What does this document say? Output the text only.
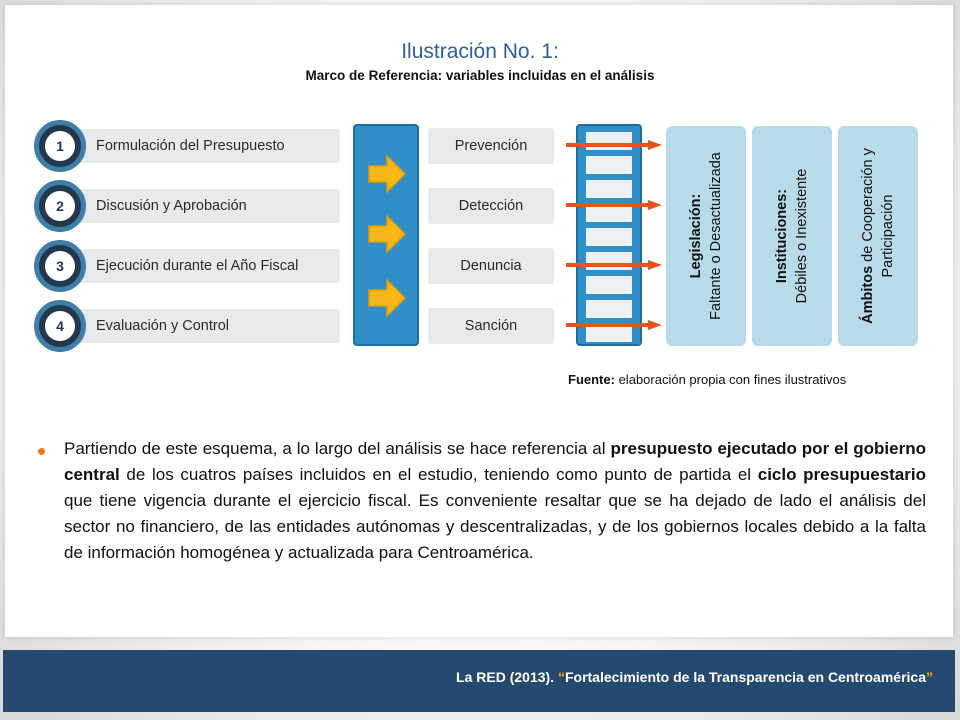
Ilustración No. 1:
Marco de Referencia: variables incluidas en el análisis
1	Formulación del Presupuesto
2	Discusión y Aprobación
3	Ejecución durante el Año Fiscal
4	Evaluación y Control
Prevención
Detección
Denuncia
Sanción
Legislación: Faltante o Desactualizada	Instituciones: Débiles o Inexistente	Ámbitos de Cooperación y Participación
Fuente: elaboración propia con fines ilustrativos
Partiendo de este esquema, a lo largo del análisis se hace referencia al presupuesto ejecutado por el gobierno central de los cuatros países incluidos en el estudio, teniendo como punto de partida el ciclo presupuestario que tiene vigencia durante el ejercicio fiscal. Es conveniente resaltar que se ha dejado de lado el análisis del sector no financiero, de las entidades autónomas y descentralizadas, y de los gobiernos locales debido a la falta de información homogénea y actualizada para Centroamérica.
La RED (2013). “Fortalecimiento de la Transparencia en Centroamérica”
